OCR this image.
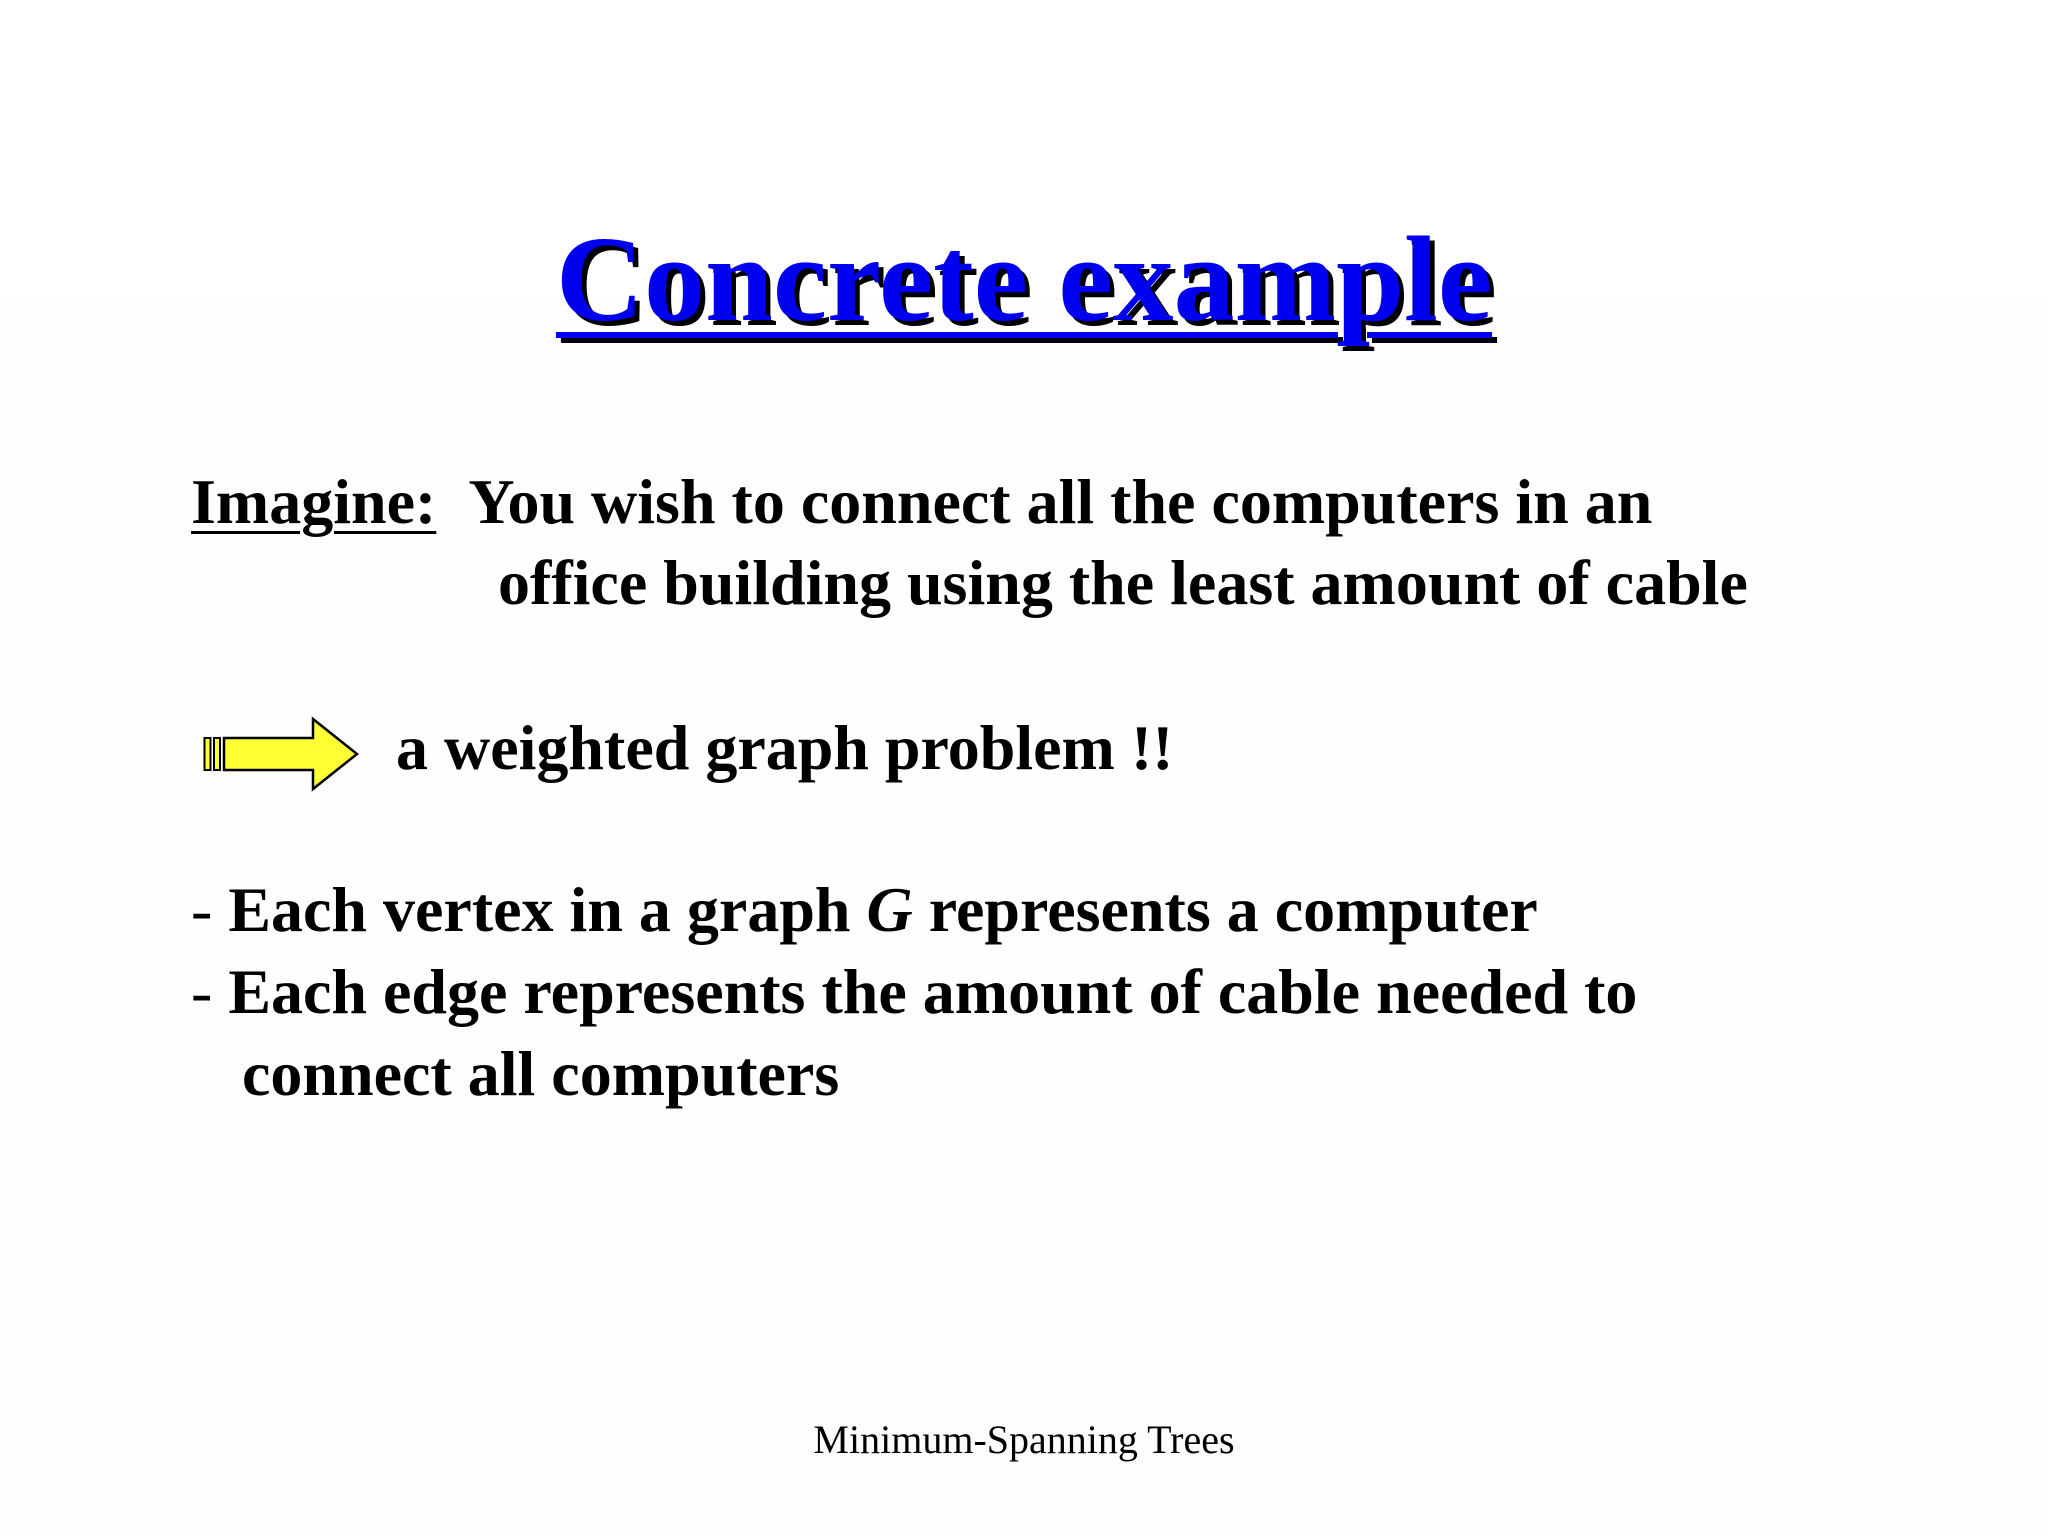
Concrete example
Imagine: You wish to connect all the computers in an
office building using the least amount of cable
a weighted graph problem !!
- Each vertex in a graph G represents a computer
- Each edge represents the amount of cable needed to
connect all computers
Minimum-Spanning Trees
